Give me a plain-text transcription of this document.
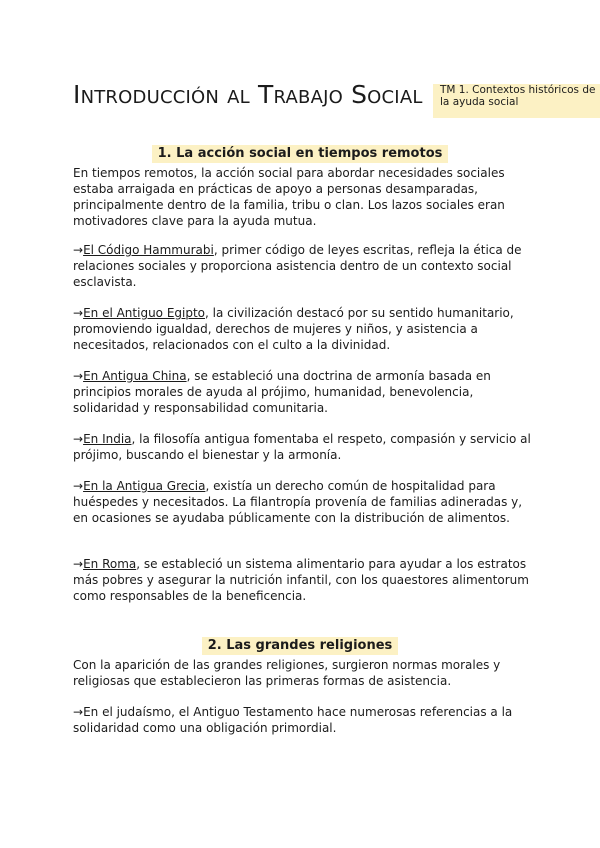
Introducción al Trabajo Social	TM 1. Contextos históricos de la ayuda social
1. La acción social en tiempos remotos

En tiempos remotos, la acción social para abordar necesidades sociales estaba arraigada en prácticas de apoyo a personas desamparadas, principalmente dentro de la familia, tribu o clan. Los lazos sociales eran motivadores clave para la ayuda mutua.

→El Código Hammurabi, primer código de leyes escritas, refleja la ética de relaciones sociales y proporciona asistencia dentro de un contexto social esclavista.

→En el Antiguo Egipto, la civilización destacó por su sentido humanitario, promoviendo igualdad, derechos de mujeres y niños, y asistencia a necesitados, relacionados con el culto a la divinidad.

→En Antigua China, se estableció una doctrina de armonía basada en principios morales de ayuda al prójimo, humanidad, benevolencia, solidaridad y responsabilidad comunitaria.

→En India, la filosofía antigua fomentaba el respeto, compasión y servicio al prójimo, buscando el bienestar y la armonía.

→En la Antigua Grecia, existía un derecho común de hospitalidad para huéspedes y necesitados. La filantropía provenía de familias adineradas y, en ocasiones se ayudaba públicamente con la distribución de alimentos.

→En Roma, se estableció un sistema alimentario para ayudar a los estratos más pobres y asegurar la nutrición infantil, con los quaestores alimentorum como responsables de la beneficencia.

2. Las grandes religiones

Con la aparición de las grandes religiones, surgieron normas morales y religiosas que establecieron las primeras formas de asistencia.

→En el judaísmo, el Antiguo Testamento hace numerosas referencias a la solidaridad como una obligación primordial.
